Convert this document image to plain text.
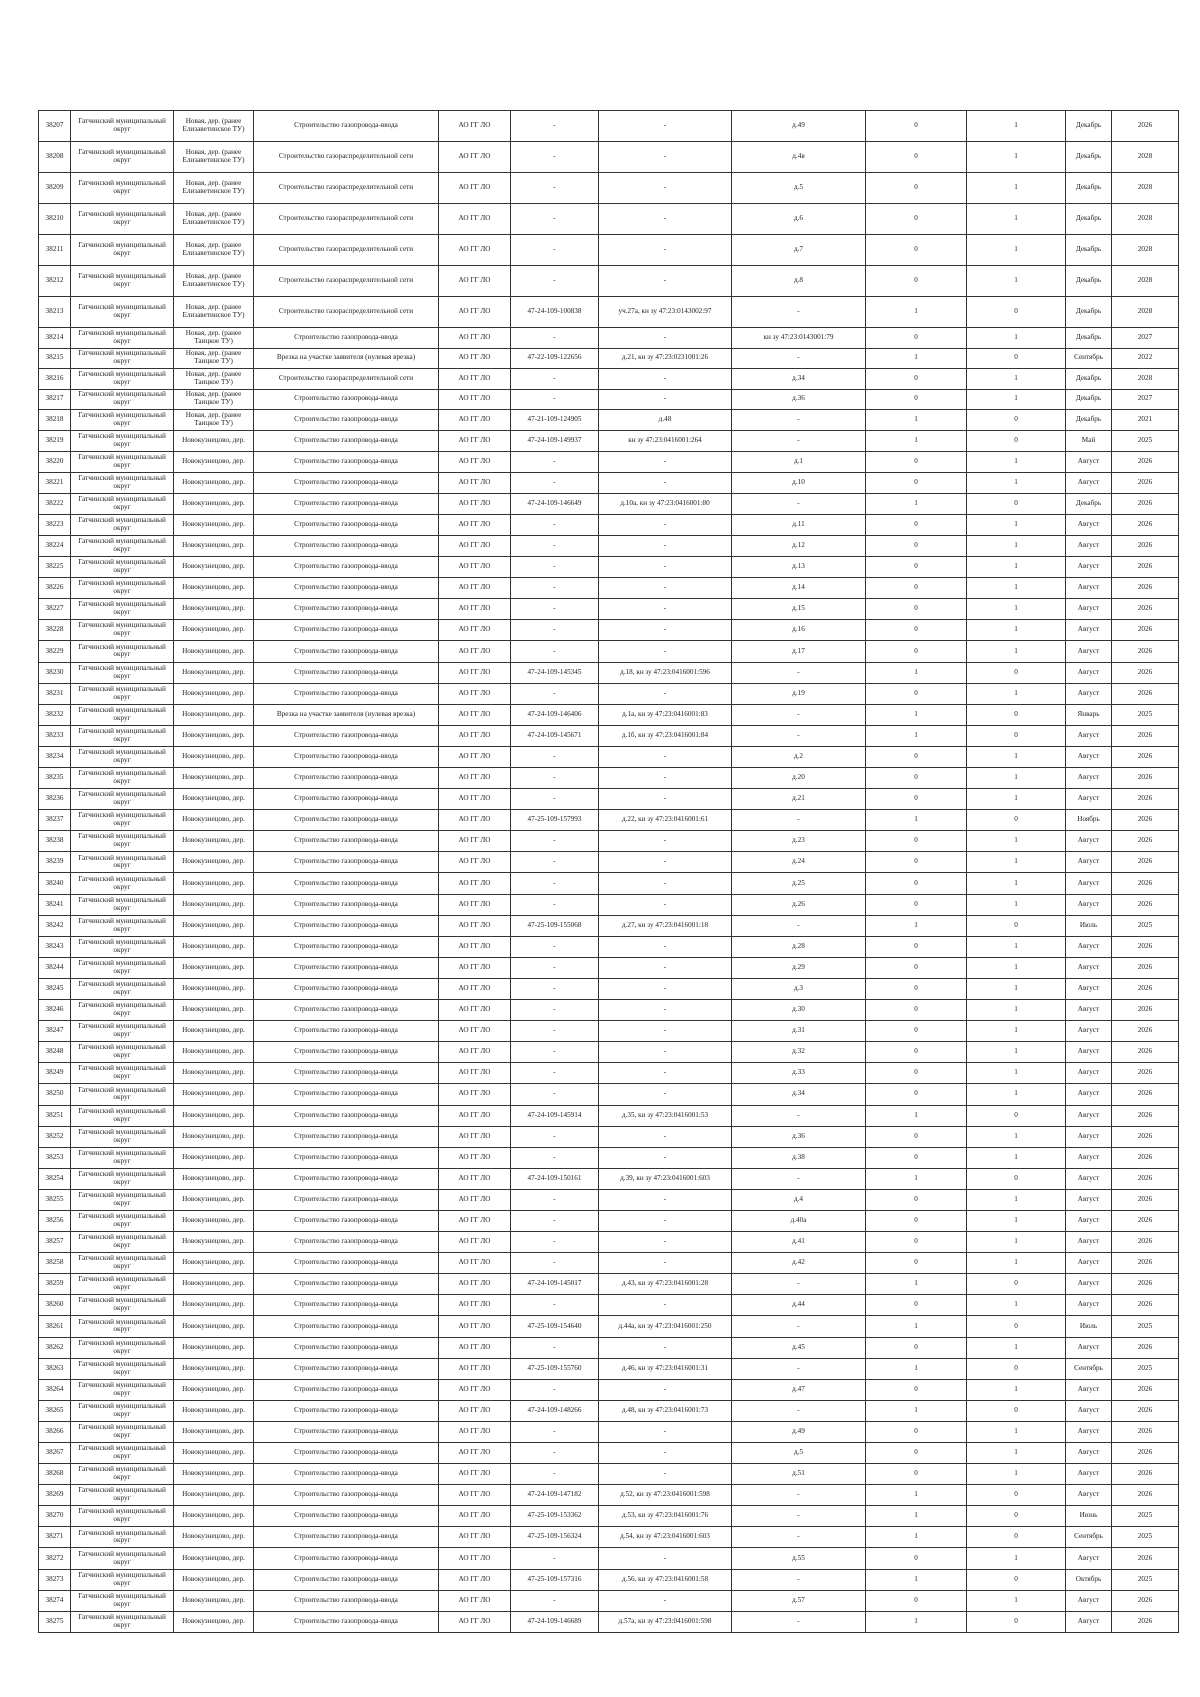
38207	Гатчинский муниципальный округ	Новая, дер. (ранее Елизаветинское ТУ)	Строительство газопровода-ввода	АО ГГ ЛО	-	-	д.49	0	1	Декабрь	2026
38208	Гатчинский муниципальный округ	Новая, дер. (ранее Елизаветинское ТУ)	Строительство газораспределительной сети	АО ГГ ЛО	-	-	д.4в	0	1	Декабрь	2028
38209	Гатчинский муниципальный округ	Новая, дер. (ранее Елизаветинское ТУ)	Строительство газораспределительной сети	АО ГГ ЛО	-	-	д.5	0	1	Декабрь	2028
38210	Гатчинский муниципальный округ	Новая, дер. (ранее Елизаветинское ТУ)	Строительство газораспределительной сети	АО ГГ ЛО	-	-	д.6	0	1	Декабрь	2028
38211	Гатчинский муниципальный округ	Новая, дер. (ранее Елизаветинское ТУ)	Строительство газораспределительной сети	АО ГГ ЛО	-	-	д.7	0	1	Декабрь	2028
38212	Гатчинский муниципальный округ	Новая, дер. (ранее Елизаветинское ТУ)	Строительство газораспределительной сети	АО ГГ ЛО	-	-	д.8	0	1	Декабрь	2028
38213	Гатчинский муниципальный округ	Новая, дер. (ранее Елизаветинское ТУ)	Строительство газораспределительной сети	АО ГГ ЛО	47-24-109-100838	уч.27а, кн зу 47:23:0143002:97	-	1	0	Декабрь	2028
38214	Гатчинский муниципальный округ	Новая, дер. (ранее Таицкое ТУ)	Строительство газопровода-ввода	АО ГГ ЛО	-	-	кн зу 47:23:0143001:79	0	1	Декабрь	2027
38215	Гатчинский муниципальный округ	Новая, дер. (ранее Таицкое ТУ)	Врезка на участке заявителя (нулевая врезка)	АО ГГ ЛО	47-22-109-122656	д.21, кн зу 47:23:0231001:26	-	1	0	Сентябрь	2022
38216	Гатчинский муниципальный округ	Новая, дер. (ранее Таицкое ТУ)	Строительство газораспределительной сети	АО ГГ ЛО	-	-	д.34	0	1	Декабрь	2028
38217	Гатчинский муниципальный округ	Новая, дер. (ранее Таицкое ТУ)	Строительство газопровода-ввода	АО ГГ ЛО	-	-	д.36	0	1	Декабрь	2027
38218	Гатчинский муниципальный округ	Новая, дер. (ранее Таицкое ТУ)	Строительство газопровода-ввода	АО ГГ ЛО	47-21-109-124905	д.48	-	1	0	Декабрь	2021
38219	Гатчинский муниципальный округ	Новокузнецово, дер.	Строительство газопровода-ввода	АО ГГ ЛО	47-24-109-149937	кн зу 47:23:0416001:264	-	1	0	Май	2025
38220	Гатчинский муниципальный округ	Новокузнецово, дер.	Строительство газопровода-ввода	АО ГГ ЛО	-	-	д.1	0	1	Август	2026
38221	Гатчинский муниципальный округ	Новокузнецово, дер.	Строительство газопровода-ввода	АО ГГ ЛО	-	-	д.10	0	1	Август	2026
38222	Гатчинский муниципальный округ	Новокузнецово, дер.	Строительство газопровода-ввода	АО ГГ ЛО	47-24-109-146649	д.10а, кн зу 47:23:0416001:80	-	1	0	Декабрь	2026
38223	Гатчинский муниципальный округ	Новокузнецово, дер.	Строительство газопровода-ввода	АО ГГ ЛО	-	-	д.11	0	1	Август	2026
38224	Гатчинский муниципальный округ	Новокузнецово, дер.	Строительство газопровода-ввода	АО ГГ ЛО	-	-	д.12	0	1	Август	2026
38225	Гатчинский муниципальный округ	Новокузнецово, дер.	Строительство газопровода-ввода	АО ГГ ЛО	-	-	д.13	0	1	Август	2026
38226	Гатчинский муниципальный округ	Новокузнецово, дер.	Строительство газопровода-ввода	АО ГГ ЛО	-	-	д.14	0	1	Август	2026
38227	Гатчинский муниципальный округ	Новокузнецово, дер.	Строительство газопровода-ввода	АО ГГ ЛО	-	-	д.15	0	1	Август	2026
38228	Гатчинский муниципальный округ	Новокузнецово, дер.	Строительство газопровода-ввода	АО ГГ ЛО	-	-	д.16	0	1	Август	2026
38229	Гатчинский муниципальный округ	Новокузнецово, дер.	Строительство газопровода-ввода	АО ГГ ЛО	-	-	д.17	0	1	Август	2026
38230	Гатчинский муниципальный округ	Новокузнецово, дер.	Строительство газопровода-ввода	АО ГГ ЛО	47-24-109-145345	д.18, кн зу 47:23:0416001:596	-	1	0	Август	2026
38231	Гатчинский муниципальный округ	Новокузнецово, дер.	Строительство газопровода-ввода	АО ГГ ЛО	-	-	д.19	0	1	Август	2026
38232	Гатчинский муниципальный округ	Новокузнецово, дер.	Врезка на участке заявителя (нулевая врезка)	АО ГГ ЛО	47-24-109-146406	д.1а, кн зу 47:23:0416001:83	-	1	0	Январь	2025
38233	Гатчинский муниципальный округ	Новокузнецово, дер.	Строительство газопровода-ввода	АО ГГ ЛО	47-24-109-145671	д.1б, кн зу 47:23:0416001:84	-	1	0	Август	2026
38234	Гатчинский муниципальный округ	Новокузнецово, дер.	Строительство газопровода-ввода	АО ГГ ЛО	-	-	д.2	0	1	Август	2026
38235	Гатчинский муниципальный округ	Новокузнецово, дер.	Строительство газопровода-ввода	АО ГГ ЛО	-	-	д.20	0	1	Август	2026
38236	Гатчинский муниципальный округ	Новокузнецово, дер.	Строительство газопровода-ввода	АО ГГ ЛО	-	-	д.21	0	1	Август	2026
38237	Гатчинский муниципальный округ	Новокузнецово, дер.	Строительство газопровода-ввода	АО ГГ ЛО	47-25-109-157993	д.22, кн зу 47:23:0416001:61	-	1	0	Ноябрь	2026
38238	Гатчинский муниципальный округ	Новокузнецово, дер.	Строительство газопровода-ввода	АО ГГ ЛО	-	-	д.23	0	1	Август	2026
38239	Гатчинский муниципальный округ	Новокузнецово, дер.	Строительство газопровода-ввода	АО ГГ ЛО	-	-	д.24	0	1	Август	2026
38240	Гатчинский муниципальный округ	Новокузнецово, дер.	Строительство газопровода-ввода	АО ГГ ЛО	-	-	д.25	0	1	Август	2026
38241	Гатчинский муниципальный округ	Новокузнецово, дер.	Строительство газопровода-ввода	АО ГГ ЛО	-	-	д.26	0	1	Август	2026
38242	Гатчинский муниципальный округ	Новокузнецово, дер.	Строительство газопровода-ввода	АО ГГ ЛО	47-25-109-155068	д.27, кн зу 47:23:0416001:18	-	1	0	Июль	2025
38243	Гатчинский муниципальный округ	Новокузнецово, дер.	Строительство газопровода-ввода	АО ГГ ЛО	-	-	д.28	0	1	Август	2026
38244	Гатчинский муниципальный округ	Новокузнецово, дер.	Строительство газопровода-ввода	АО ГГ ЛО	-	-	д.29	0	1	Август	2026
38245	Гатчинский муниципальный округ	Новокузнецово, дер.	Строительство газопровода-ввода	АО ГГ ЛО	-	-	д.3	0	1	Август	2026
38246	Гатчинский муниципальный округ	Новокузнецово, дер.	Строительство газопровода-ввода	АО ГГ ЛО	-	-	д.30	0	1	Август	2026
38247	Гатчинский муниципальный округ	Новокузнецово, дер.	Строительство газопровода-ввода	АО ГГ ЛО	-	-	д.31	0	1	Август	2026
38248	Гатчинский муниципальный округ	Новокузнецово, дер.	Строительство газопровода-ввода	АО ГГ ЛО	-	-	д.32	0	1	Август	2026
38249	Гатчинский муниципальный округ	Новокузнецово, дер.	Строительство газопровода-ввода	АО ГГ ЛО	-	-	д.33	0	1	Август	2026
38250	Гатчинский муниципальный округ	Новокузнецово, дер.	Строительство газопровода-ввода	АО ГГ ЛО	-	-	д.34	0	1	Август	2026
38251	Гатчинский муниципальный округ	Новокузнецово, дер.	Строительство газопровода-ввода	АО ГГ ЛО	47-24-109-145914	д.35, кн зу 47:23:0416001:53	-	1	0	Август	2026
38252	Гатчинский муниципальный округ	Новокузнецово, дер.	Строительство газопровода-ввода	АО ГГ ЛО	-	-	д.36	0	1	Август	2026
38253	Гатчинский муниципальный округ	Новокузнецово, дер.	Строительство газопровода-ввода	АО ГГ ЛО	-	-	д.38	0	1	Август	2026
38254	Гатчинский муниципальный округ	Новокузнецово, дер.	Строительство газопровода-ввода	АО ГГ ЛО	47-24-109-150161	д.39, кн зу 47:23:0416001:603	-	1	0	Август	2026
38255	Гатчинский муниципальный округ	Новокузнецово, дер.	Строительство газопровода-ввода	АО ГГ ЛО	-	-	д.4	0	1	Август	2026
38256	Гатчинский муниципальный округ	Новокузнецово, дер.	Строительство газопровода-ввода	АО ГГ ЛО	-	-	д.40а	0	1	Август	2026
38257	Гатчинский муниципальный округ	Новокузнецово, дер.	Строительство газопровода-ввода	АО ГГ ЛО	-	-	д.41	0	1	Август	2026
38258	Гатчинский муниципальный округ	Новокузнецово, дер.	Строительство газопровода-ввода	АО ГГ ЛО	-	-	д.42	0	1	Август	2026
38259	Гатчинский муниципальный округ	Новокузнецово, дер.	Строительство газопровода-ввода	АО ГГ ЛО	47-24-109-145017	д.43, кн зу 47:23:0416001:28	-	1	0	Август	2026
38260	Гатчинский муниципальный округ	Новокузнецово, дер.	Строительство газопровода-ввода	АО ГГ ЛО	-	-	д.44	0	1	Август	2026
38261	Гатчинский муниципальный округ	Новокузнецово, дер.	Строительство газопровода-ввода	АО ГГ ЛО	47-25-109-154640	д.44а, кн зу 47:23:0416001:250	-	1	0	Июль	2025
38262	Гатчинский муниципальный округ	Новокузнецово, дер.	Строительство газопровода-ввода	АО ГГ ЛО	-	-	д.45	0	1	Август	2026
38263	Гатчинский муниципальный округ	Новокузнецово, дер.	Строительство газопровода-ввода	АО ГГ ЛО	47-25-109-155760	д.46, кн зу 47:23:0416001:31	-	1	0	Сентябрь	2025
38264	Гатчинский муниципальный округ	Новокузнецово, дер.	Строительство газопровода-ввода	АО ГГ ЛО	-	-	д.47	0	1	Август	2026
38265	Гатчинский муниципальный округ	Новокузнецово, дер.	Строительство газопровода-ввода	АО ГГ ЛО	47-24-109-148266	д.48, кн зу 47:23:0416001:73	-	1	0	Август	2026
38266	Гатчинский муниципальный округ	Новокузнецово, дер.	Строительство газопровода-ввода	АО ГГ ЛО	-	-	д.49	0	1	Август	2026
38267	Гатчинский муниципальный округ	Новокузнецово, дер.	Строительство газопровода-ввода	АО ГГ ЛО	-	-	д.5	0	1	Август	2026
38268	Гатчинский муниципальный округ	Новокузнецово, дер.	Строительство газопровода-ввода	АО ГГ ЛО	-	-	д.51	0	1	Август	2026
38269	Гатчинский муниципальный округ	Новокузнецово, дер.	Строительство газопровода-ввода	АО ГГ ЛО	47-24-109-147182	д.52, кн зу 47:23:0416001:598	-	1	0	Август	2026
38270	Гатчинский муниципальный округ	Новокузнецово, дер.	Строительство газопровода-ввода	АО ГГ ЛО	47-25-109-153362	д.53, кн зу 47:23:0416001:76	-	1	0	Июнь	2025
38271	Гатчинский муниципальный округ	Новокузнецово, дер.	Строительство газопровода-ввода	АО ГГ ЛО	47-25-109-156324	д.54, кн зу 47:23:0416001:603	-	1	0	Сентябрь	2025
38272	Гатчинский муниципальный округ	Новокузнецово, дер.	Строительство газопровода-ввода	АО ГГ ЛО	-	-	д.55	0	1	Август	2026
38273	Гатчинский муниципальный округ	Новокузнецово, дер.	Строительство газопровода-ввода	АО ГГ ЛО	47-25-109-157316	д.56, кн зу 47:23:0416001:58	-	1	0	Октябрь	2025
38274	Гатчинский муниципальный округ	Новокузнецово, дер.	Строительство газопровода-ввода	АО ГГ ЛО	-	-	д.57	0	1	Август	2026
38275	Гатчинский муниципальный округ	Новокузнецово, дер.	Строительство газопровода-ввода	АО ГГ ЛО	47-24-109-146689	д.57а, кн зу 47:23:0416001:598	-	1	0	Август	2026
